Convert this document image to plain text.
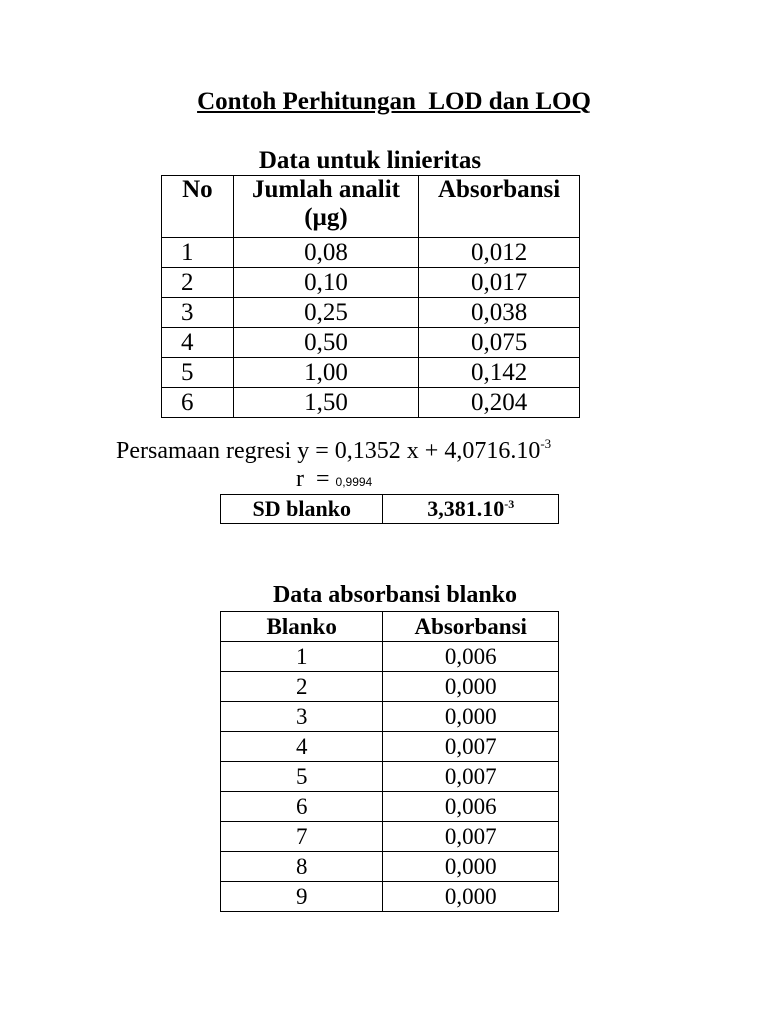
Contoh Perhitungan  LOD dan LOQ
Data untuk linieritas
No	Jumlah analit (µg)	Absorbansi
1	0,08	0,012
2	0,10	0,017
3	0,25	0,038
4	0,50	0,075
5	1,00	0,142
6	1,50	0,204
Persamaan regresi y = 0,1352 $x + 4,0716.10^{-3}$
r  = 0,9994
SD blanko	$3,381.10^{-3}$
Data absorbansi blanko
Blanko	Absorbansi
1	0,006
2	0,000
3	0,000
4	0,007
5	0,007
6	0,006
7	0,007
8	0,000
9	0,000
